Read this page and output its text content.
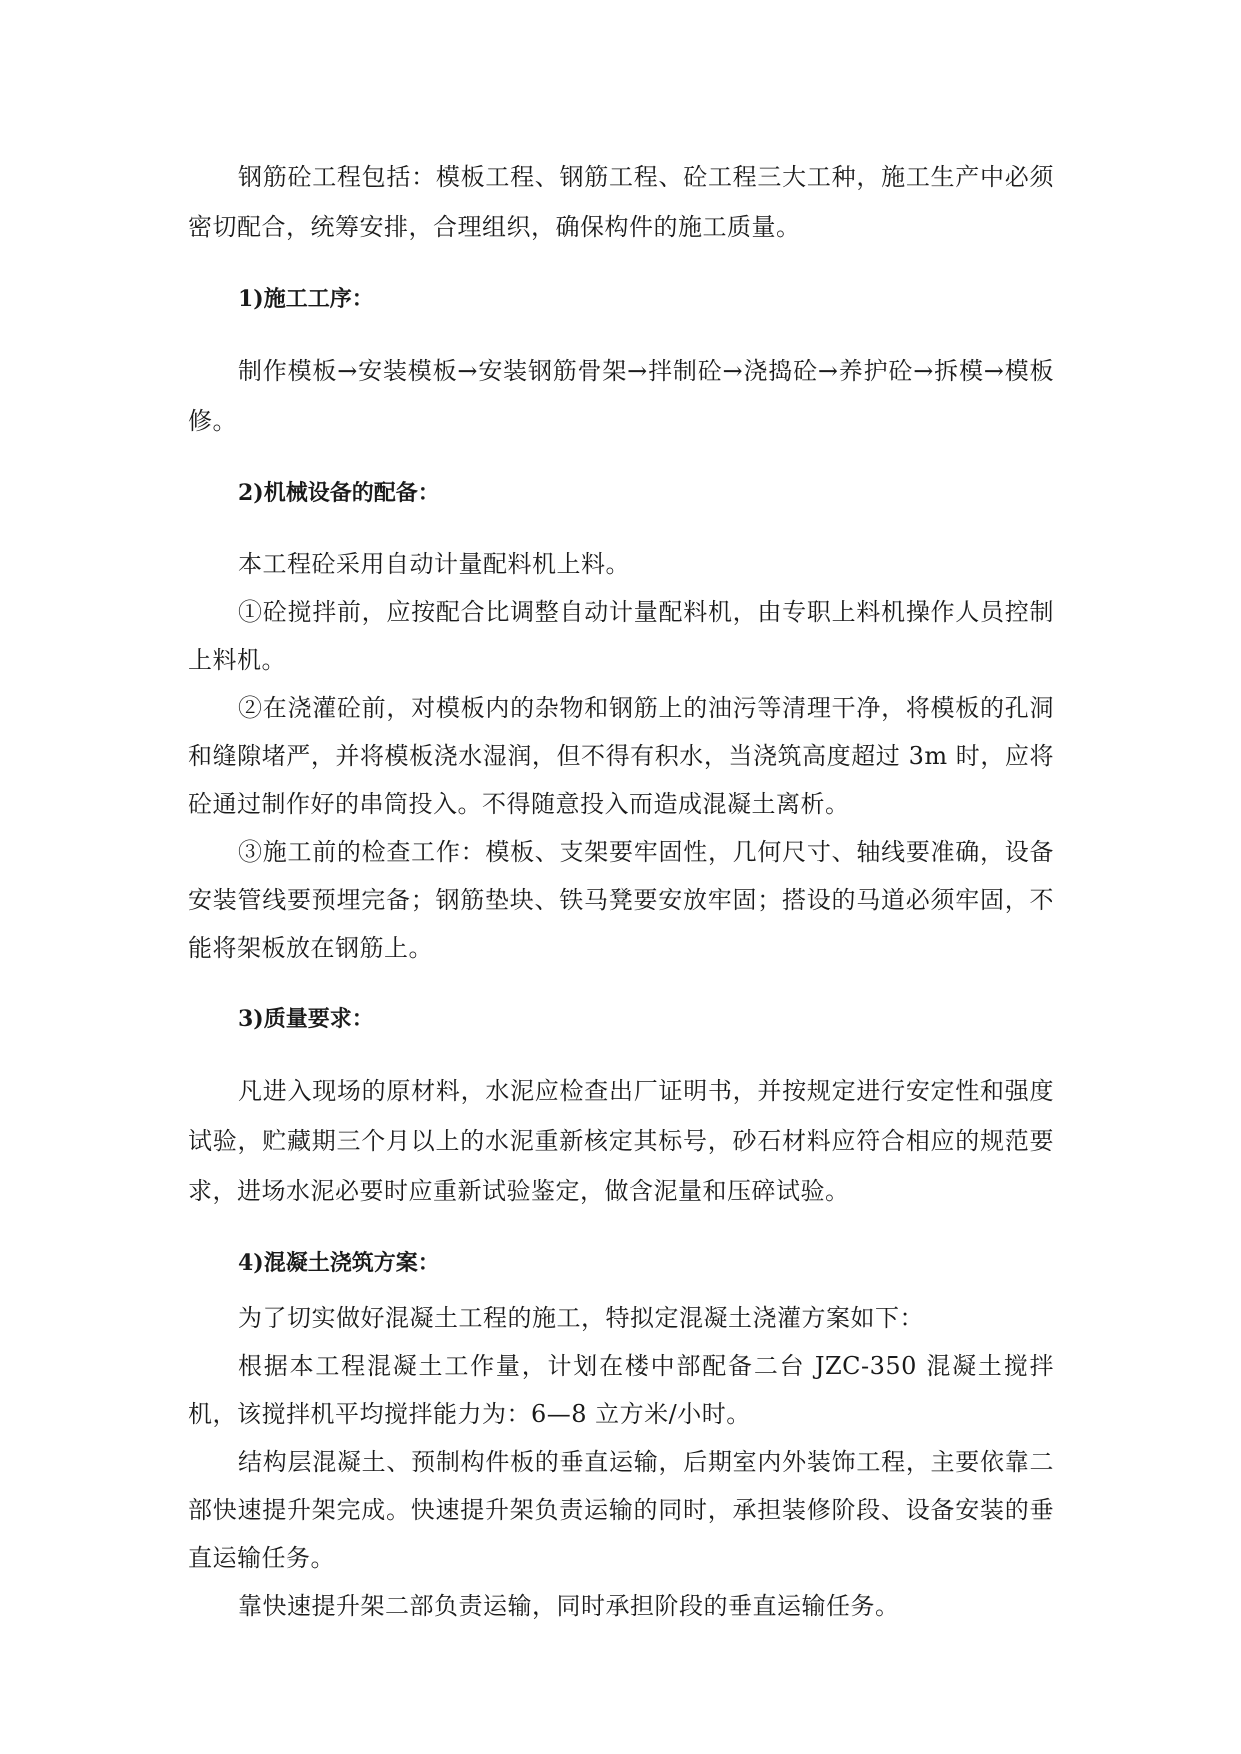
钢筋砼工程包括：模板工程、钢筋工程、砼工程三大工种，施工生产中必须密切配合，统筹安排，合理组织，确保构件的施工质量。

1)施工工序：

制作模板→安装模板→安装钢筋骨架→拌制砼→浇捣砼→养护砼→拆模→模板修。

2)机械设备的配备：

本工程砼采用自动计量配料机上料。

①砼搅拌前，应按配合比调整自动计量配料机，由专职上料机操作人员控制上料机。

②在浇灌砼前，对模板内的杂物和钢筋上的油污等清理干净，将模板的孔洞和缝隙堵严，并将模板浇水湿润，但不得有积水，当浇筑高度超过 3m 时，应将砼通过制作好的串筒投入。不得随意投入而造成混凝土离析。

③施工前的检查工作：模板、支架要牢固性，几何尺寸、轴线要准确，设备安装管线要预埋完备；钢筋垫块、铁马凳要安放牢固；搭设的马道必须牢固，不能将架板放在钢筋上。

3)质量要求：

凡进入现场的原材料，水泥应检查出厂证明书，并按规定进行安定性和强度试验，贮藏期三个月以上的水泥重新核定其标号，砂石材料应符合相应的规范要求，进场水泥必要时应重新试验鉴定，做含泥量和压碎试验。

4)混凝土浇筑方案：

为了切实做好混凝土工程的施工，特拟定混凝土浇灌方案如下：

根据本工程混凝土工作量，计划在楼中部配备二台 JZC-350 混凝土搅拌机，该搅拌机平均搅拌能力为：6—8 立方米/小时。

结构层混凝土、预制构件板的垂直运输，后期室内外装饰工程，主要依靠二部快速提升架完成。快速提升架负责运输的同时，承担装修阶段、设备安装的垂直运输任务。

靠快速提升架二部负责运输，同时承担阶段的垂直运输任务。
